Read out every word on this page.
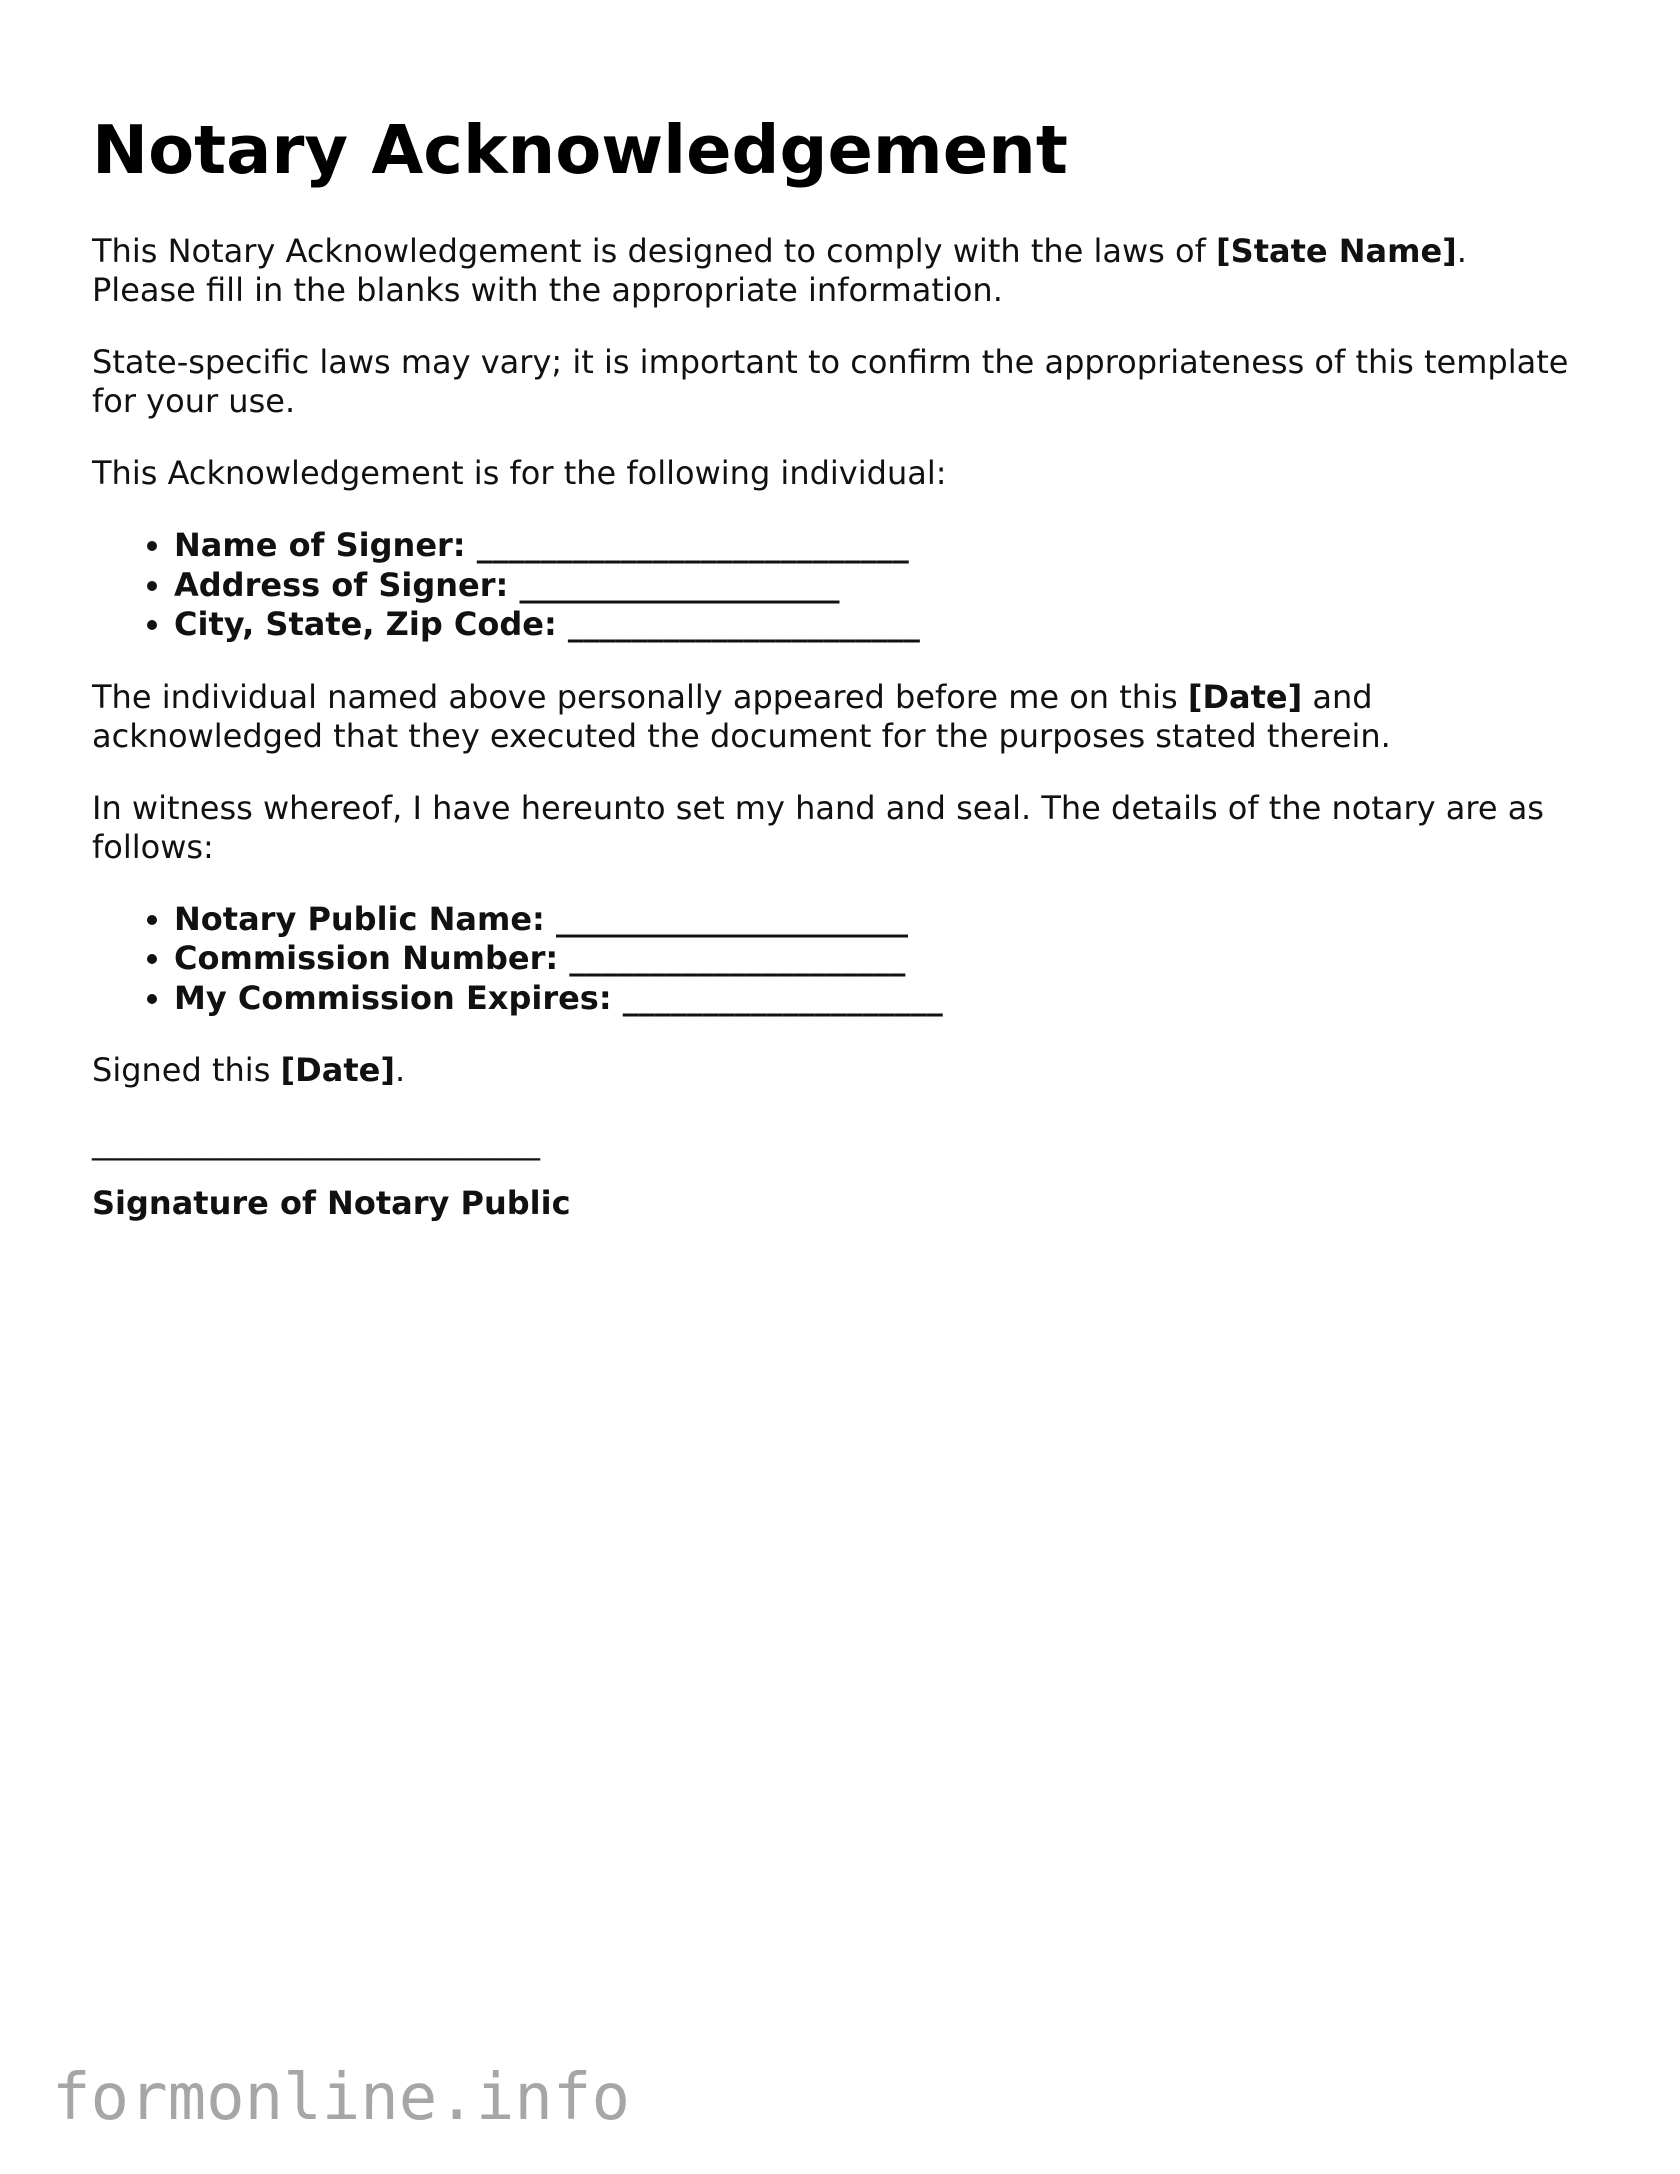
Notary Acknowledgement

This Notary Acknowledgement is designed to comply with the laws of [State Name].
Please fill in the blanks with the appropriate information.

State-specific laws may vary; it is important to confirm the appropriateness of this template for your use.

This Acknowledgement is for the following individual:

• Name of Signer: ___________________________
• Address of Signer: ____________________
• City, State, Zip Code: ______________________

The individual named above personally appeared before me on this [Date] and acknowledged that they executed the document for the purposes stated therein.

In witness whereof, I have hereunto set my hand and seal. The details of the notary are as follows:

• Notary Public Name: ______________________
• Commission Number: _____________________
• My Commission Expires: ____________________

Signed this [Date].

____________________________

Signature of Notary Public

formonline.info
